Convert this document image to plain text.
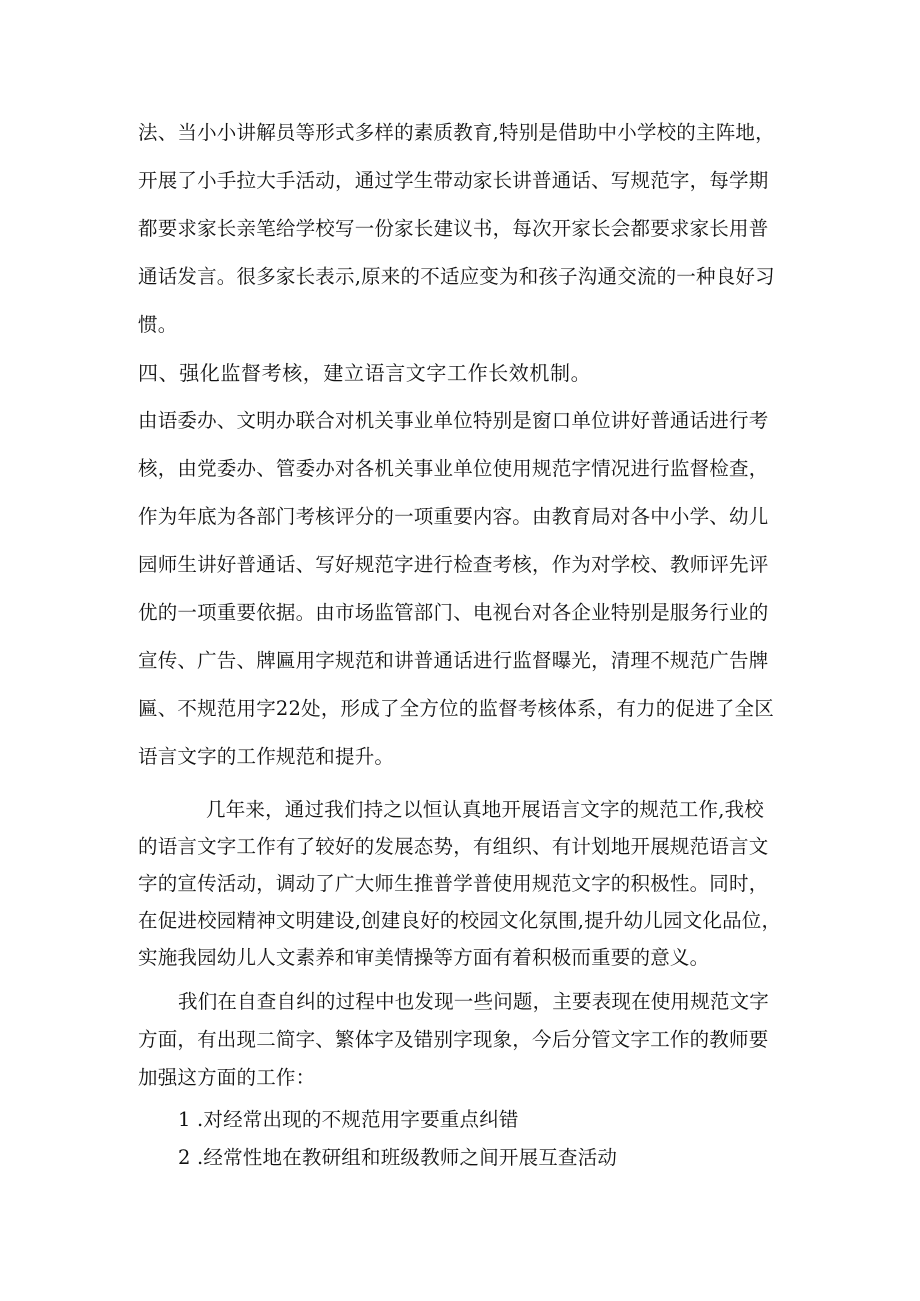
法、当小小讲解员等形式多样的素质教育,特别是借助中小学校的主阵地，
开展了小手拉大手活动，通过学生带动家长讲普通话、写规范字，每学期
都要求家长亲笔给学校写一份家长建议书，每次开家长会都要求家长用普
通话发言。很多家长表示,原来的不适应变为和孩子沟通交流的一种良好习
惯。
四、强化监督考核，建立语言文字工作长效机制。
由语委办、文明办联合对机关事业单位特别是窗口单位讲好普通话进行考
核，由党委办、管委办对各机关事业单位使用规范字情况进行监督检查，
作为年底为各部门考核评分的一项重要内容。由教育局对各中小学、幼儿
园师生讲好普通话、写好规范字进行检查考核，作为对学校、教师评先评
优的一项重要依据。由市场监管部门、电视台对各企业特别是服务行业的
宣传、广告、牌匾用字规范和讲普通话进行监督曝光，清理不规范广告牌
匾、不规范用字22处，形成了全方位的监督考核体系，有力的促进了全区
语言文字的工作规范和提升。
几年来，通过我们持之以恒认真地开展语言文字的规范工作,我校
的语言文字工作有了较好的发展态势，有组织、有计划地开展规范语言文
字的宣传活动，调动了广大师生推普学普使用规范文字的积极性。同时，
在促进校园精神文明建设,创建良好的校园文化氛围,提升幼儿园文化品位，
实施我园幼儿人文素养和审美情操等方面有着积极而重要的意义。
我们在自查自纠的过程中也发现一些问题，主要表现在使用规范文字
方面，有出现二简字、繁体字及错别字现象，今后分管文字工作的教师要
加强这方面的工作：
1 .对经常出现的不规范用字要重点纠错
2 .经常性地在教研组和班级教师之间开展互查活动
